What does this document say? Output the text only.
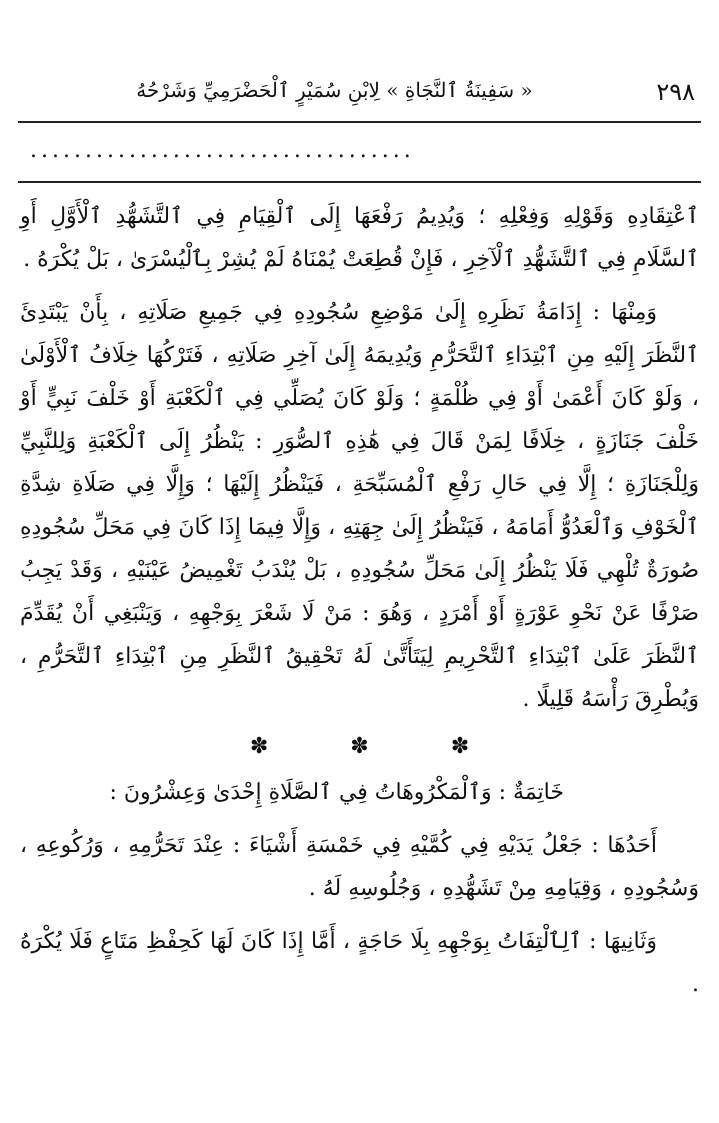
٢٩٨
« سَفِينَةُ ٱلنَّجَاةِ » لِابْنِ سُمَيْرٍ ٱلْحَضْرَمِيِّ وَشَرْحُهُ
...................................

ٱعْتِقَادِهِ وَقَوْلِهِ وَفِعْلِهِ ؛ وَيُدِيمُ رَفْعَهَا إِلَى ٱلْقِيَامِ فِي ٱلتَّشَهُّدِ ٱلْأَوَّلِ أَوِ ٱلسَّلَامِ فِي ٱلتَّشَهُّدِ ٱلْآخِرِ ، فَإِنْ قُطِعَتْ يُمْنَاهُ لَمْ يُشِرْ بِٱلْيُسْرَىٰ ، بَلْ يُكْرَهُ .

وَمِنْهَا : إِدَامَةُ نَظَرِهِ إِلَىٰ مَوْضِعِ سُجُودِهِ فِي جَمِيعِ صَلَاتِهِ ، بِأَنْ يَبْتَدِئَ ٱلنَّظَرَ إِلَيْهِ مِنِ ٱبْتِدَاءِ ٱلتَّحَرُّمِ وَيُدِيمَهُ إِلَىٰ آخِرِ صَلَاتِهِ ، فَتَرْكُهَا خِلَافُ ٱلْأَوْلَىٰ ، وَلَوْ كَانَ أَعْمَىٰ أَوْ فِي ظُلْمَةٍ ؛ وَلَوْ كَانَ يُصَلِّي فِي ٱلْكَعْبَةِ أَوْ خَلْفَ نَبِيٍّ أَوْ خَلْفَ جَنَازَةٍ ، خِلَافًا لِمَنْ قَالَ فِي هَٰذِهِ ٱلصُّوَرِ : يَنْظُرُ إِلَى ٱلْكَعْبَةِ وَلِلنَّبِيِّ وَلِلْجَنَازَةِ ؛ إِلَّا فِي حَالِ رَفْعِ ٱلْمُسَبِّحَةِ ، فَيَنْظُرُ إِلَيْهَا ؛ وَإِلَّا فِي صَلَاةِ شِدَّةِ ٱلْخَوْفِ وَٱلْعَدُوُّ أَمَامَهُ ، فَيَنْظُرُ إِلَىٰ جِهَتِهِ ، وَإِلَّا فِيمَا إِذَا كَانَ فِي مَحَلِّ سُجُودِهِ صُورَةٌ تُلْهِي فَلَا يَنْظُرُ إِلَىٰ مَحَلِّ سُجُودِهِ ، بَلْ يُنْدَبُ تَغْمِيضُ عَيْنَيْهِ ، وَقَدْ يَجِبُ صَرْفًا عَنْ نَحْوِ عَوْرَةٍ أَوْ أَمْرَدٍ ، وَهُوَ : مَنْ لَا شَعْرَ بِوَجْهِهِ ، وَيَنْبَغِي أَنْ يُقَدِّمَ ٱلنَّظَرَ عَلَىٰ ٱبْتِدَاءِ ٱلتَّحْرِيمِ لِيَتَأَتَّىٰ لَهُ تَحْقِيقُ ٱلنَّظَرِ مِنِ ٱبْتِدَاءِ ٱلتَّحَرُّمِ ، وَيُطْرِقَ رَأْسَهُ قَلِيلًا .

✽	✽	✽

خَاتِمَةٌ : وَٱلْمَكْرُوهَاتُ فِي ٱلصَّلَاةِ إِحْدَىٰ وَعِشْرُونَ :

أَحَدُهَا : جَعْلُ يَدَيْهِ فِي كُمَّيْهِ فِي خَمْسَةِ أَشْيَاءَ : عِنْدَ تَحَرُّمِهِ ، وَرُكُوعِهِ ، وَسُجُودِهِ ، وَقِيَامِهِ مِنْ تَشَهُّدِهِ ، وَجُلُوسِهِ لَهُ .

وَثَانِيهَا : ٱلِٱلْتِفَاتُ بِوَجْهِهِ بِلَا حَاجَةٍ ، أَمَّا إِذَا كَانَ لَهَا كَحِفْظِ مَتَاعٍ فَلَا يُكْرَهُ .
